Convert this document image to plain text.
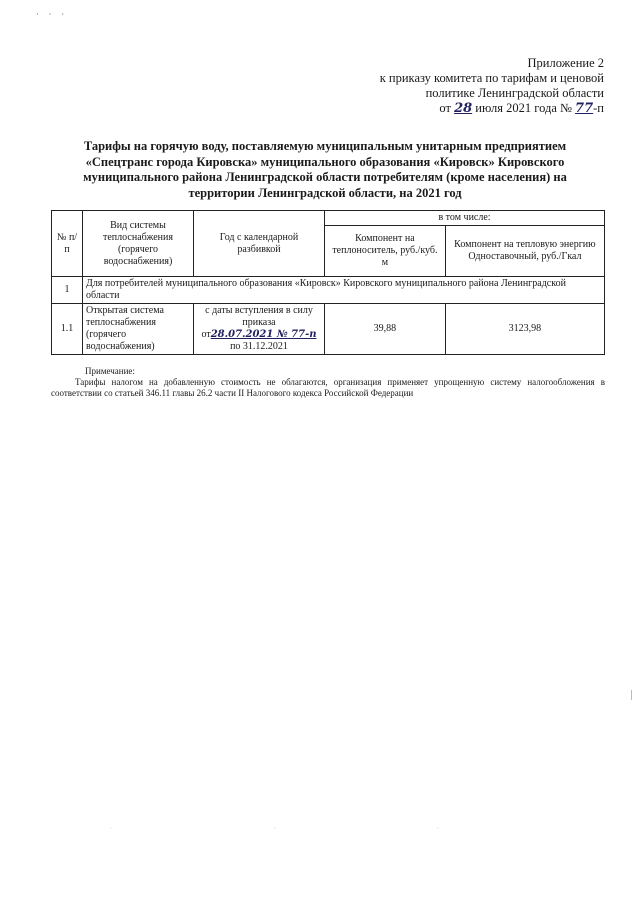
· · ·
Приложение 2
к приказу комитета по тарифам и ценовой
политике Ленинградской области
от 28 июля 2021 года № 77-п
Тарифы на горячую воду, поставляемую муниципальным унитарным предприятием «Спецтранс города Кировска» муниципального образования «Кировск» Кировского муниципального района Ленинградской области потребителям (кроме населения) на территории Ленинградской области, на 2021 год
№ п/п	Вид системы теплоснабжения (горячего водоснабжения)	Год с календарной разбивкой	в том числе:	
			Компонент на теплоноситель, руб./куб. м	Компонент на тепловую энергию Одноставочный, руб./Гкал
1	Для потребителей муниципального образования «Кировск» Кировского муниципального района Ленинградской области			
1.1	Открытая система теплоснабжения (горячего водоснабжения)	с даты вступления в силу приказа
от28.07.2021 № 77-п
по 31.12.2021	39,88	3123,98
Примечание:
Тарифы налогом на добавленную стоимость не облагаются, организация применяет упрощенную систему налогообложения в соответствии со статьей 346.11 главы 26.2 части II Налогового кодекса Российской Федерации
· · ·
